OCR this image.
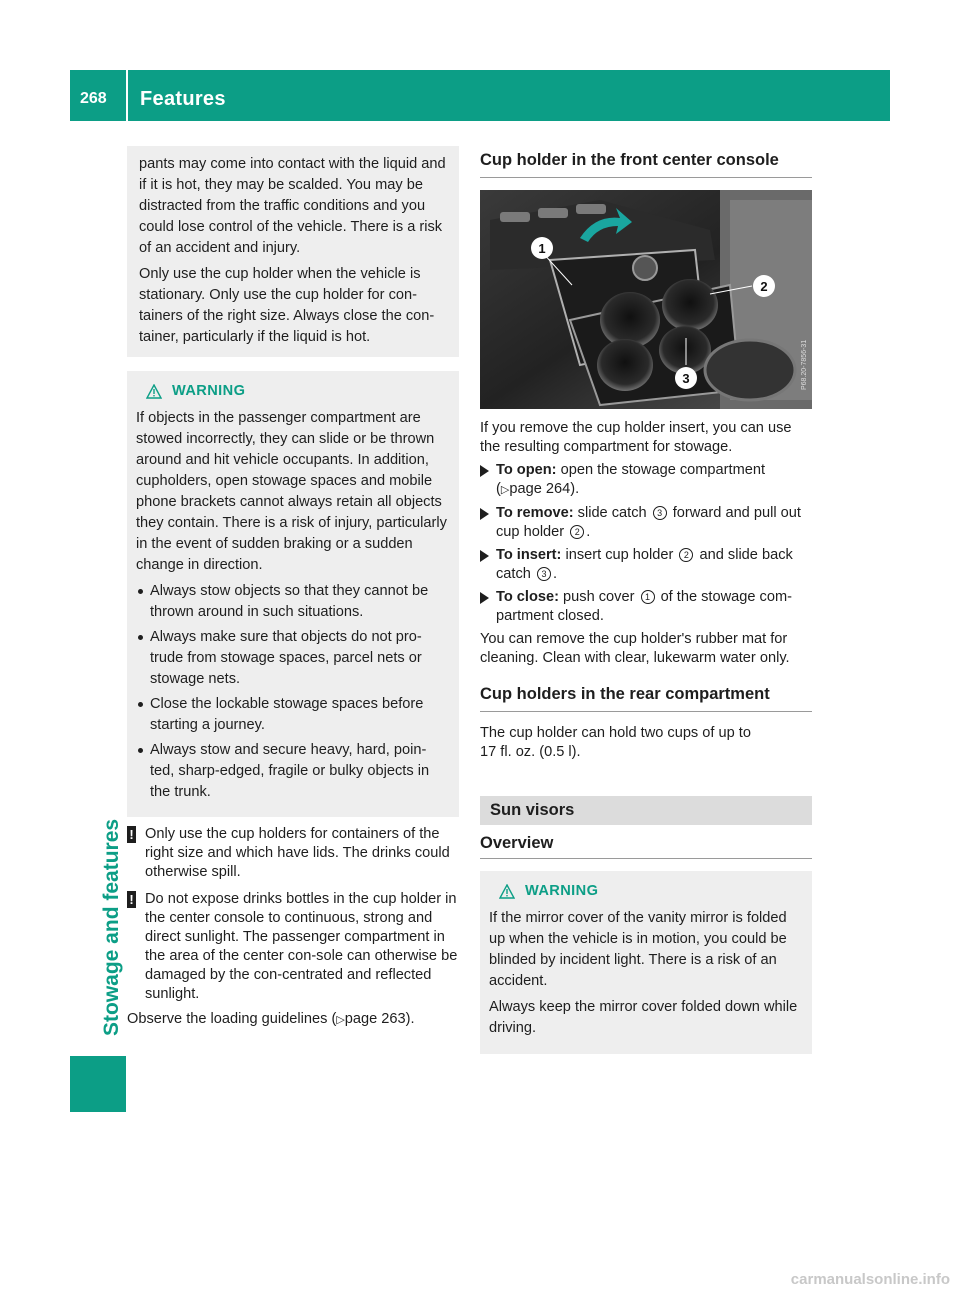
268	Features
Stowage and features

pants may come into contact with the liquid and if it is hot, they may be scalded. You may be distracted from the traffic conditions and you could lose control of the vehicle. There is a risk of an accident and injury.

Only use the cup holder when the vehicle is stationary. Only use the cup holder for con-tainers of the right size. Always close the con-tainer, particularly if the liquid is hot.

WARNING

If objects in the passenger compartment are stowed incorrectly, they can slide or be thrown around and hit vehicle occupants. In addition, cupholders, open stowage spaces and mobile phone brackets cannot always retain all objects they contain. There is a risk of injury, particularly in the event of sudden braking or a sudden change in direction.

Always stow objects so that they cannot be thrown around in such situations.
Always make sure that objects do not pro-trude from stowage spaces, parcel nets or stowage nets.
Close the lockable stowage spaces before starting a journey.
Always stow and secure heavy, hard, poin-ted, sharp-edged, fragile or bulky objects in the trunk.
! Only use the cup holders for containers of the right size and which have lids. The drinks could otherwise spill.
! Do not expose drinks bottles in the cup holder in the center console to continuous, strong and direct sunlight. The passenger compartment in the area of the center con-sole can otherwise be damaged by the con-centrated and reflected sunlight.

Observe the loading guidelines (▷page 263).

Cup holder in the front center console
1
2
3	P68.20-7856-31

If you remove the cup holder insert, you can use the resulting compartment for stowage.

To open: open the stowage compartment (▷page 264).
To remove: slide catch 3 forward and pull out cup holder 2 .
To insert: insert cup holder 2 and slide back catch 3 .
To close: push cover 1 of the stowage com-partment closed.

You can remove the cup holder's rubber mat for cleaning. Clean with clear, lukewarm water only.

Cup holders in the rear compartment

The cup holder can hold two cups of up to

17 fl. oz. (0.5 l).

Sun visors
Overview
WARNING

If the mirror cover of the vanity mirror is folded up when the vehicle is in motion, you could be blinded by incident light. There is a risk of an accident.

Always keep the mirror cover folded down while driving.

carmanualsonline.info
